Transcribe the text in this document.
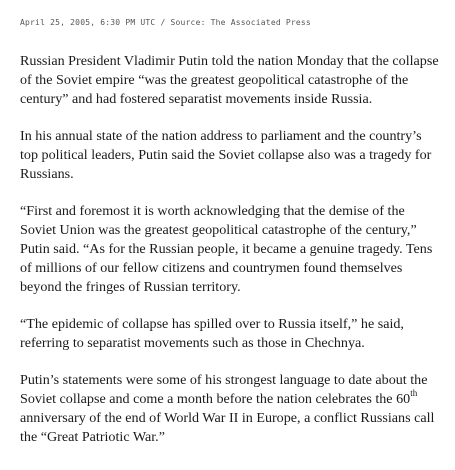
April 25, 2005, 6:30 PM UTC / Source: The Associated Press

Russian President Vladimir Putin told the nation Monday that the collapse of the Soviet empire “was the greatest geopolitical catastrophe of the century” and had fostered separatist movements inside Russia.

In his annual state of the nation address to parliament and the country’s top political leaders, Putin said the Soviet collapse also was a tragedy for Russians.

“First and foremost it is worth acknowledging that the demise of the Soviet Union was the greatest geopolitical catastrophe of the century,” Putin said. “As for the Russian people, it became a genuine tragedy. Tens of millions of our fellow citizens and countrymen found themselves beyond the fringes of Russian territory.

“The epidemic of collapse has spilled over to Russia itself,” he said, referring to separatist movements such as those in Chechnya.

Putin’s statements were some of his strongest language to date about the Soviet collapse and come a month before the nation celebrates the 60th anniversary of the end of World War II in Europe, a conflict Russians call the “Great Patriotic War.”
